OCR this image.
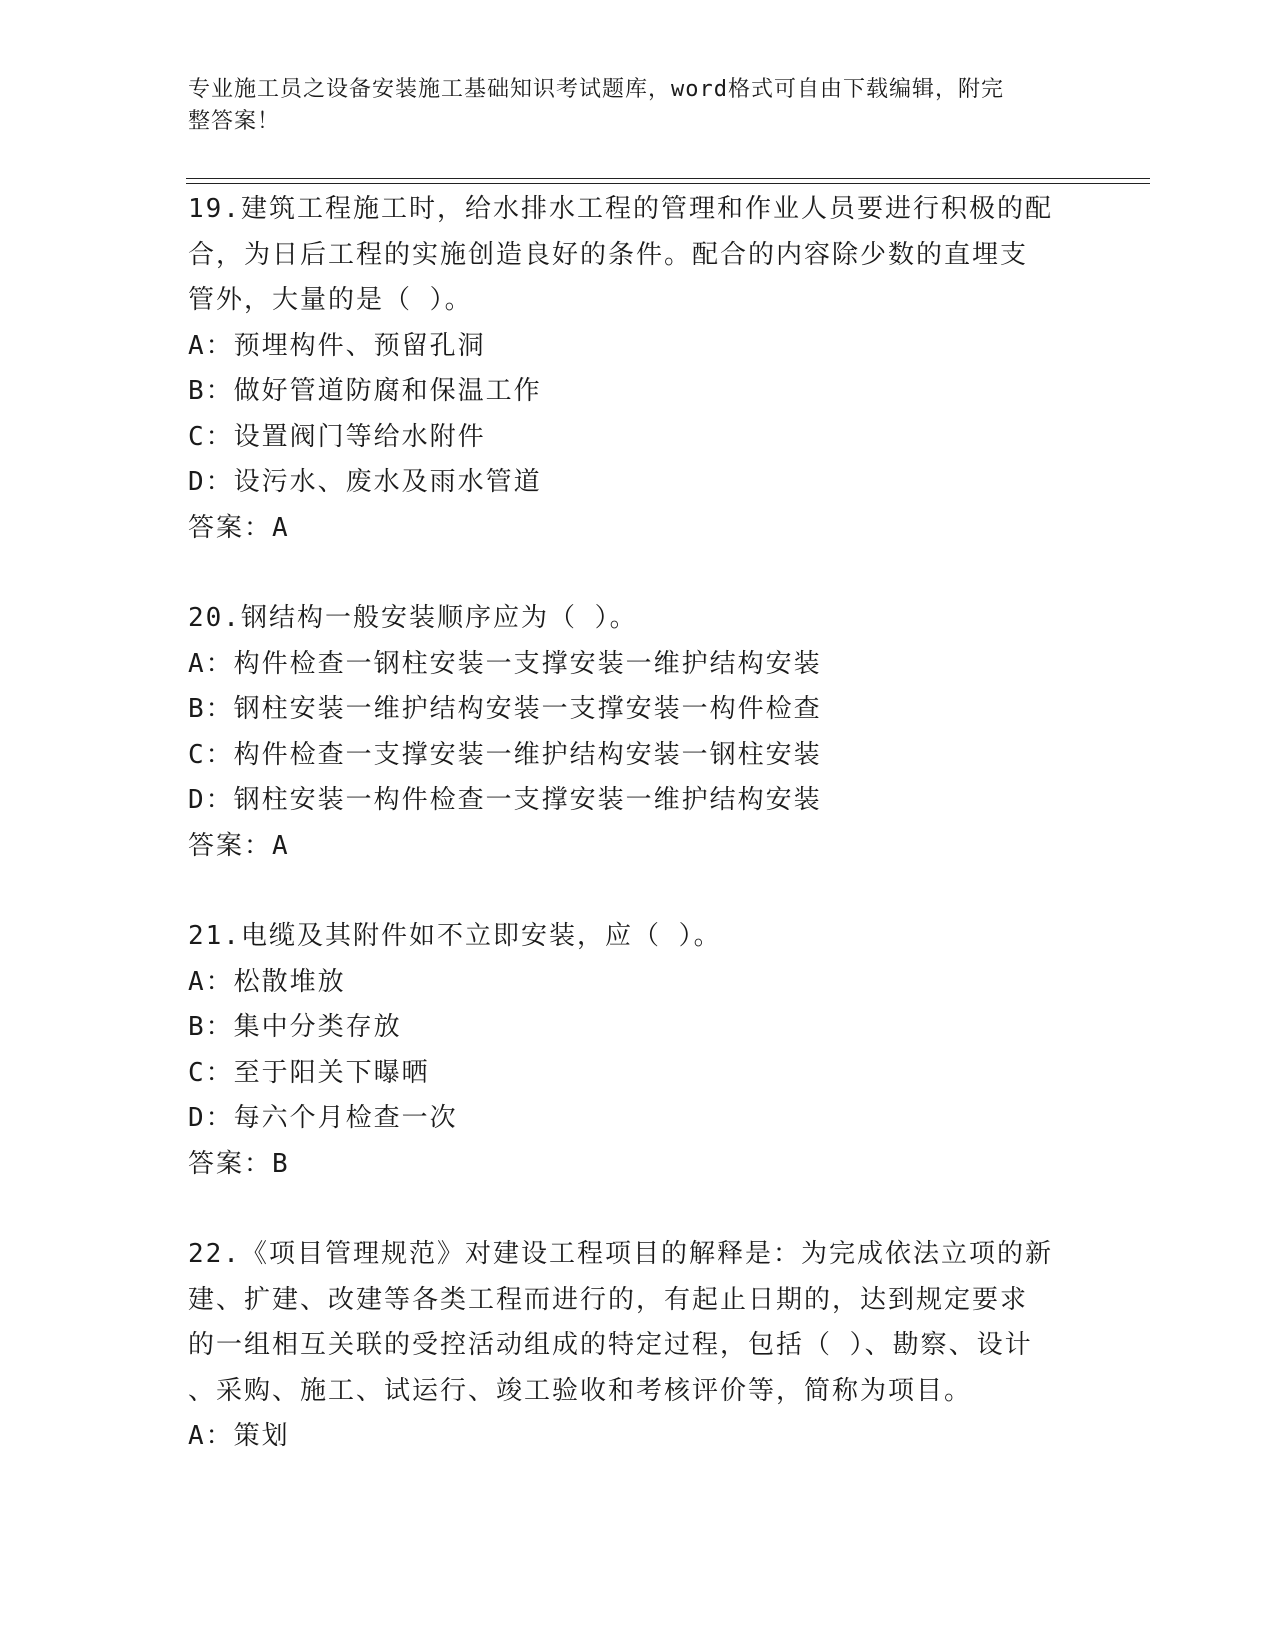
专业施工员之设备安装施工基础知识考试题库，word格式可自由下载编辑，附完
整答案！

19.建筑工程施工时，给水排水工程的管理和作业人员要进行积极的配

合，为日后工程的实施创造良好的条件。配合的内容除少数的直埋支

管外，大量的是（ ）。

A：预埋构件、预留孔洞

B：做好管道防腐和保温工作

C：设置阀门等给水附件

D：设污水、废水及雨水管道

答案：A

20.钢结构一般安装顺序应为（ ）。

A：构件检查一钢柱安装一支撑安装一维护结构安装

B：钢柱安装一维护结构安装一支撑安装一构件检查

C：构件检查一支撑安装一维护结构安装一钢柱安装

D：钢柱安装一构件检查一支撑安装一维护结构安装

答案：A

21.电缆及其附件如不立即安装，应（ ）。

A：松散堆放

B：集中分类存放

C：至于阳关下曝晒

D：每六个月检查一次

答案：B

22.《项目管理规范》对建设工程项目的解释是：为完成依法立项的新

建、扩建、改建等各类工程而进行的，有起止日期的，达到规定要求

的一组相互关联的受控活动组成的特定过程，包括（ ）、勘察、设计

、采购、施工、试运行、竣工验收和考核评价等，简称为项目。

A：策划
